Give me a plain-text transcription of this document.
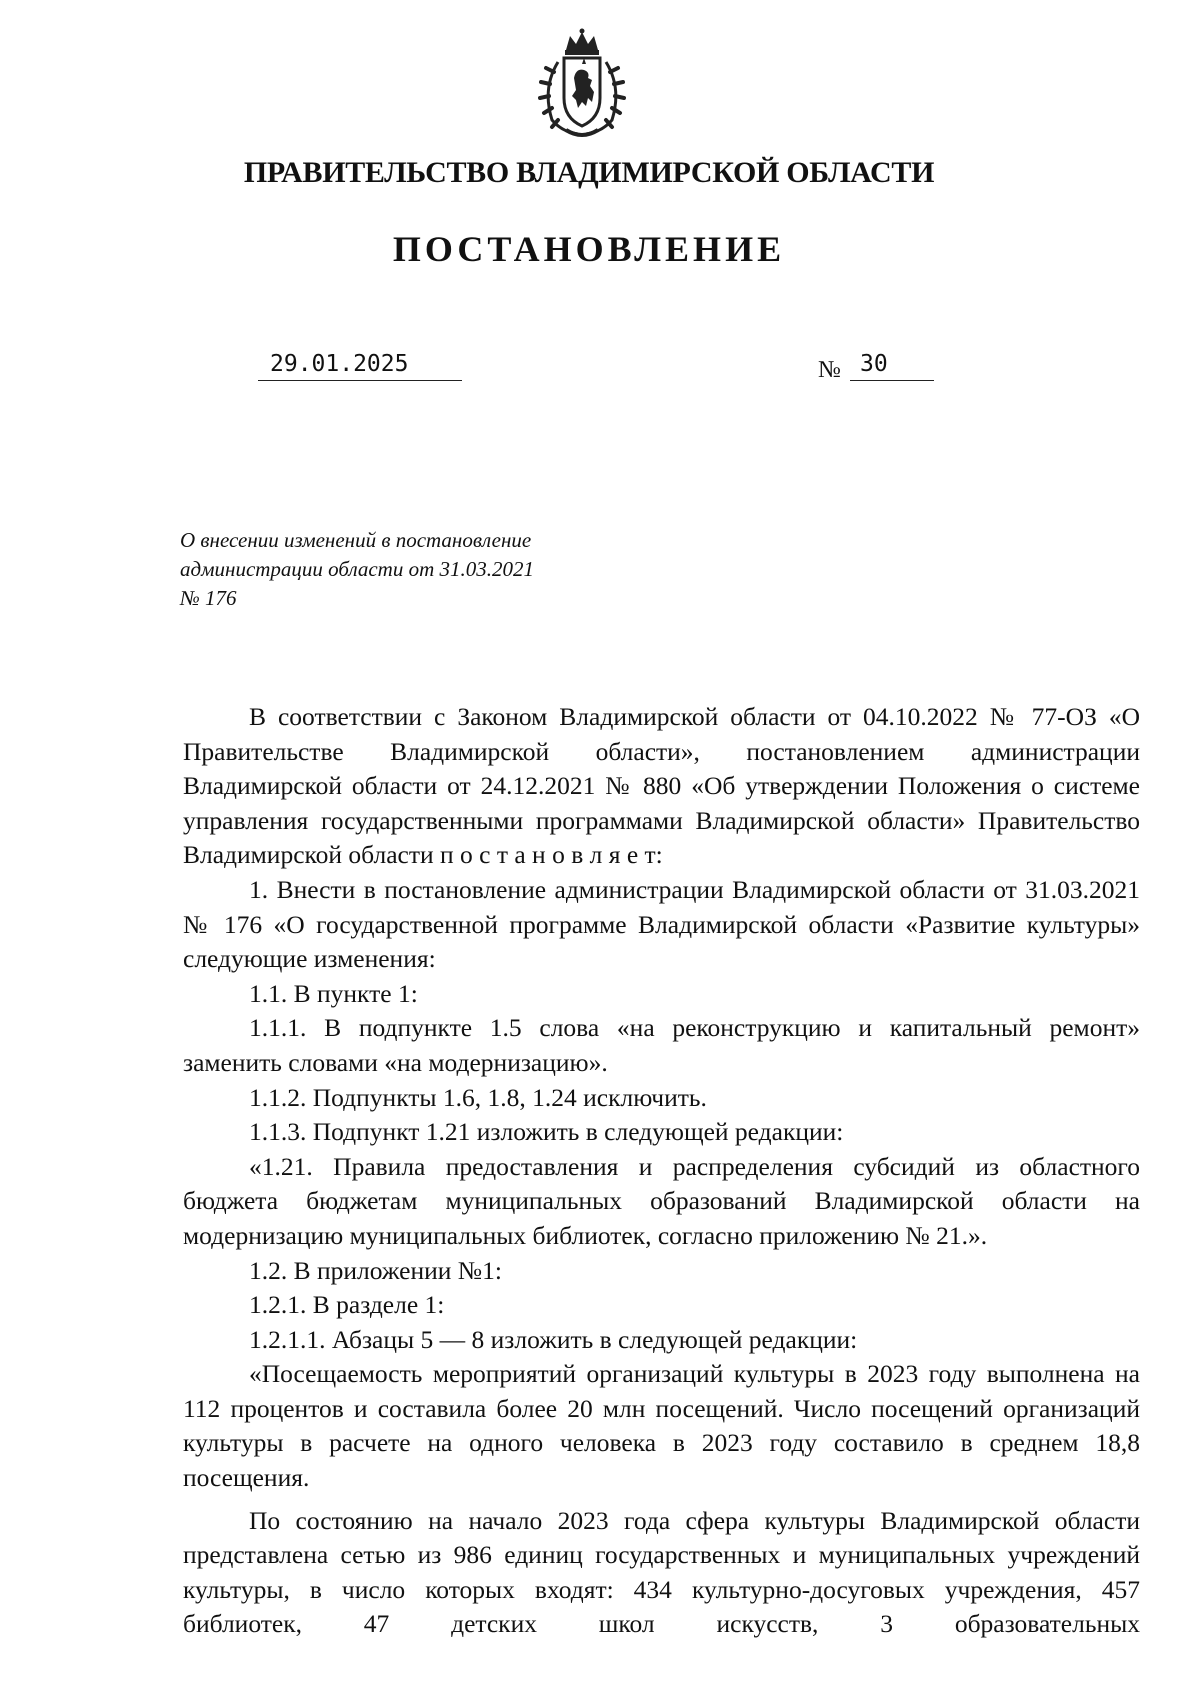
ПРАВИТЕЛЬСТВО ВЛАДИМИРСКОЙ ОБЛАСТИ
ПОСТАНОВЛЕНИЕ
29.01.2025	№ 30
О внесении изменений в постановление
администрации области от 31.03.2021
№ 176

В соответствии с Законом Владимирской области от 04.10.2022 № 77-ОЗ «О Правительстве Владимирской области», постановлением администрации Владимирской области от 24.12.2021 № 880 «Об утверждении Положения о системе управления государственными программами Владимирской области» Правительство Владимирской области п о с т а н о в л я е т:

1. Внести в постановление администрации Владимирской области от 31.03.2021 № 176 «О государственной программе Владимирской области «Развитие культуры» следующие изменения:

1.1. В пункте 1:

1.1.1. В подпункте 1.5 слова «на реконструкцию и капитальный ремонт» заменить словами «на модернизацию».

1.1.2. Подпункты 1.6, 1.8, 1.24 исключить.

1.1.3. Подпункт 1.21 изложить в следующей редакции:

«1.21. Правила предоставления и распределения субсидий из областного бюджета бюджетам муниципальных образований Владимирской области на модернизацию муниципальных библиотек, согласно приложению № 21.».

1.2. В приложении №1:

1.2.1. В разделе 1:

1.2.1.1. Абзацы 5 — 8 изложить в следующей редакции:

«Посещаемость мероприятий организаций культуры в 2023 году выполнена на 112 процентов и составила более 20 млн посещений. Число посещений организаций культуры в расчете на одного человека в 2023 году составило в среднем 18,8 посещения.

По состоянию на начало 2023 года сфера культуры Владимирской области представлена сетью из 986 единиц государственных и муниципальных учреждений культуры, в число которых входят: 434 культурно-досуговых учреждения, 457 библиотек, 47 детских школ искусств, 3 образовательных
